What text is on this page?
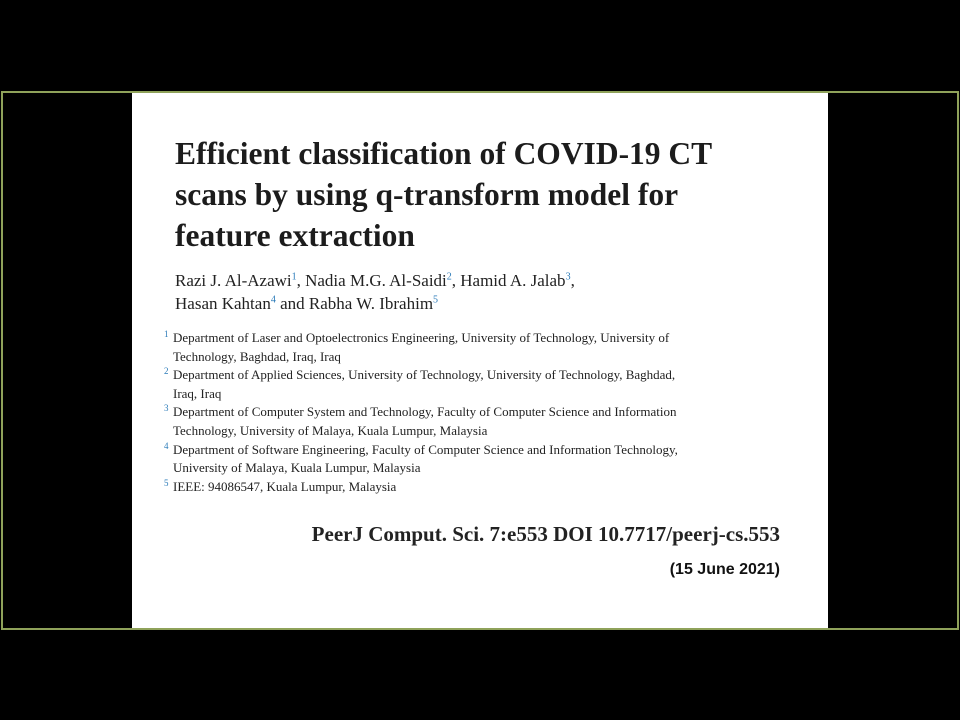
Efficient classification of COVID-19 CT
scans by using q-transform model for
feature extraction
Razi J. Al-Azawi$^1$, Nadia M.G. Al-Saidi$^2$, Hamid A. Jalab$^3$,
Hasan Kahtan$^4$ and Rabha W. Ibrahim$^5$
1 Department of Laser and Optoelectronics Engineering, University of Technology, University of
Technology, Baghdad, Iraq, Iraq
2 Department of Applied Sciences, University of Technology, University of Technology, Baghdad,
Iraq, Iraq
3 Department of Computer System and Technology, Faculty of Computer Science and Information
Technology, University of Malaya, Kuala Lumpur, Malaysia
4 Department of Software Engineering, Faculty of Computer Science and Information Technology,
University of Malaya, Kuala Lumpur, Malaysia
5 IEEE: 94086547, Kuala Lumpur, Malaysia
PeerJ Comput. Sci. 7:e553 DOI 10.7717/peerj-cs.553
(15 June 2021)
